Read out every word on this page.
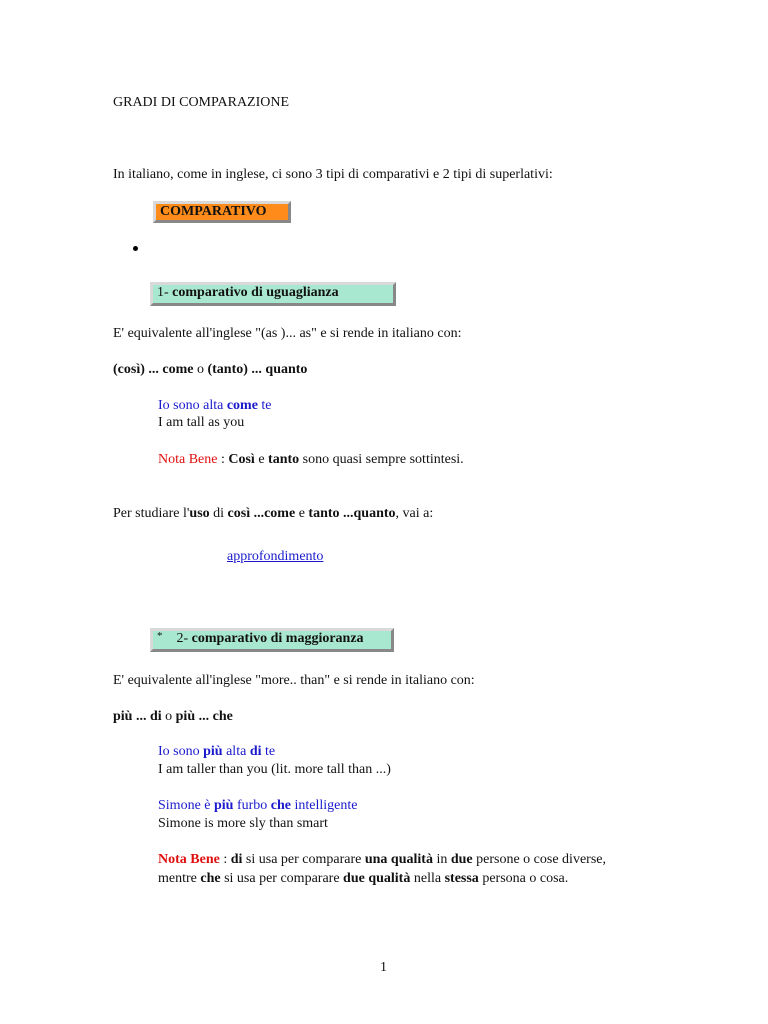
GRADI DI COMPARAZIONE
In italiano, come in inglese, ci sono 3 tipi di comparativi e 2 tipi di superlativi:
COMPARATIVO
1- comparativo di uguaglianza
E' equivalente all'inglese "(as )... as" e si rende in italiano con:
(così) ... come o (tanto) ... quanto
Io sono alta come te
I am tall as you
Nota Bene : Così e tanto sono quasi sempre sottintesi.
Per studiare l'uso di così ...come e tanto ...quanto, vai a:
approfondimento
* 2- comparativo di maggioranza
E' equivalente all'inglese "more.. than" e si rende in italiano con:
più ... di o più ... che
Io sono più alta di te
I am taller than you (lit. more tall than ...)
Simone è più furbo che intelligente
Simone is more sly than smart
Nota Bene : di si usa per comparare una qualità in due persone o cose diverse,
mentre che si usa per comparare due qualità nella stessa persona o cosa.
1
